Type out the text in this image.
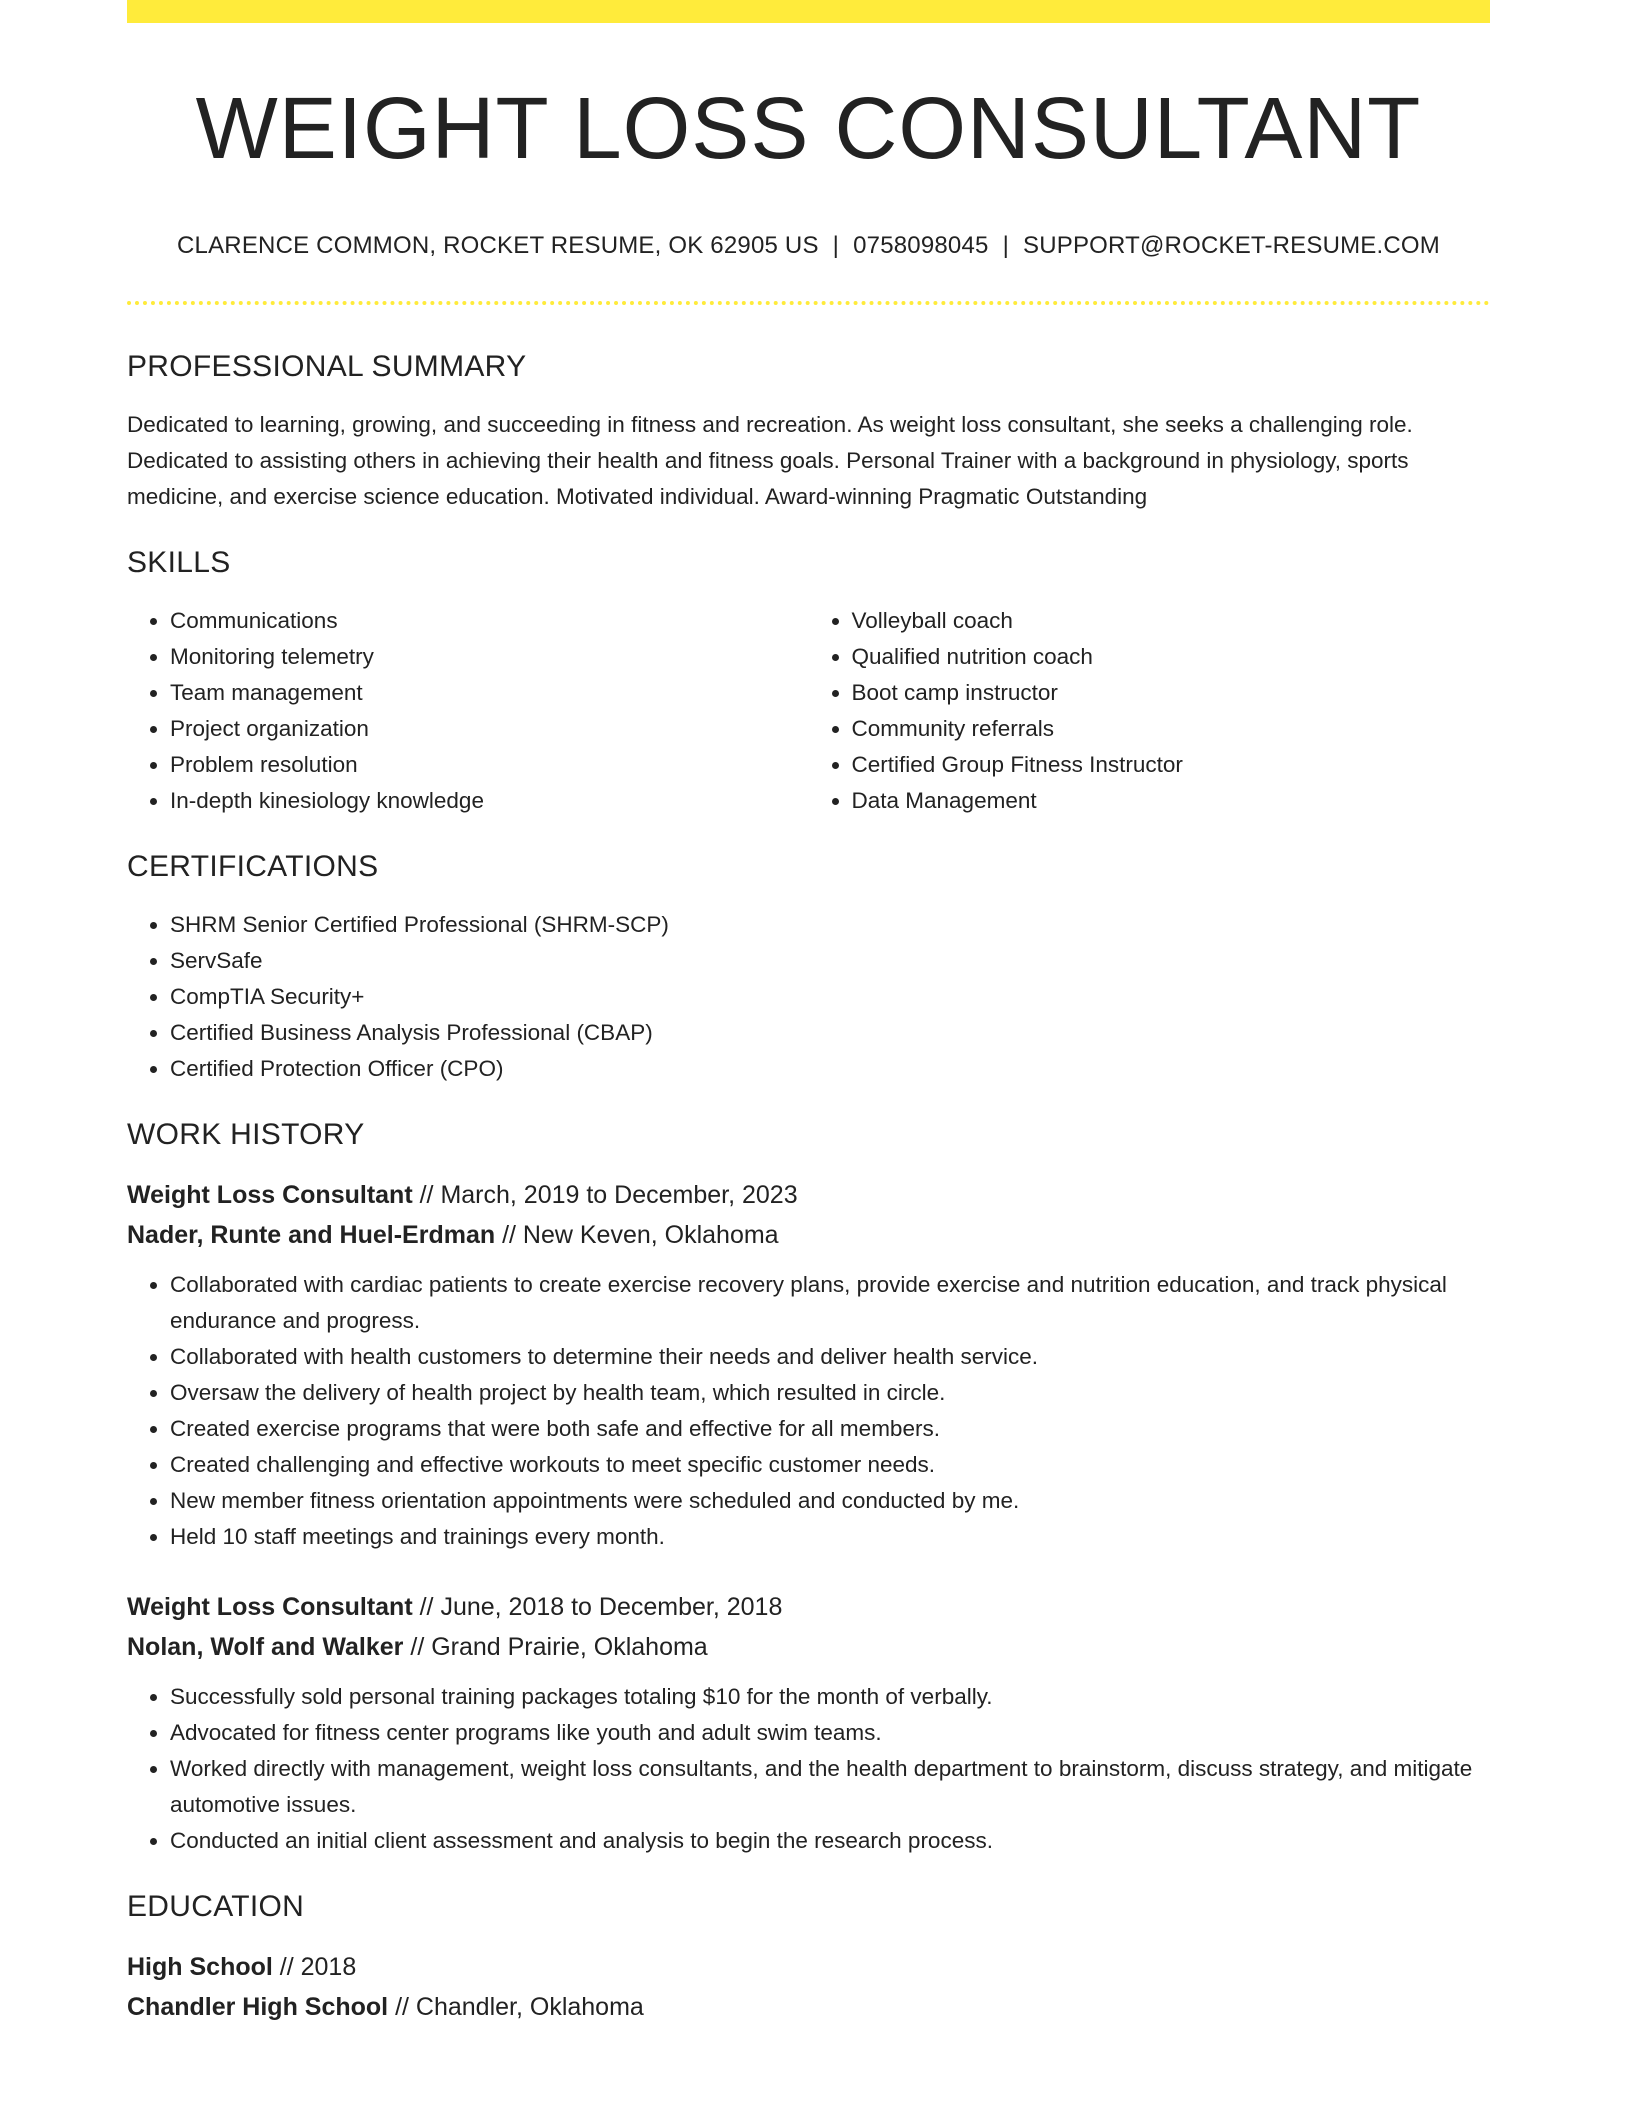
WEIGHT LOSS CONSULTANT
CLARENCE COMMON, ROCKET RESUME, OK 62905 US | 0758098045 | SUPPORT@ROCKET-RESUME.COM
PROFESSIONAL SUMMARY
Dedicated to learning, growing, and succeeding in fitness and recreation. As weight loss consultant, she seeks a challenging role. Dedicated to assisting others in achieving their health and fitness goals. Personal Trainer with a background in physiology, sports medicine, and exercise science education. Motivated individual. Award-winning Pragmatic Outstanding
SKILLS
• Communications
• Monitoring telemetry
• Team management
• Project organization
• Problem resolution
• In-depth kinesiology knowledge
• Volleyball coach
• Qualified nutrition coach
• Boot camp instructor
• Community referrals
• Certified Group Fitness Instructor
• Data Management
CERTIFICATIONS
• SHRM Senior Certified Professional (SHRM-SCP)
• ServSafe
• CompTIA Security+
• Certified Business Analysis Professional (CBAP)
• Certified Protection Officer (CPO)
WORK HISTORY
Weight Loss Consultant // March, 2019 to December, 2023
Nader, Runte and Huel-Erdman // New Keven, Oklahoma
• Collaborated with cardiac patients to create exercise recovery plans, provide exercise and nutrition education, and track physical endurance and progress.
• Collaborated with health customers to determine their needs and deliver health service.
• Oversaw the delivery of health project by health team, which resulted in circle.
• Created exercise programs that were both safe and effective for all members.
• Created challenging and effective workouts to meet specific customer needs.
• New member fitness orientation appointments were scheduled and conducted by me.
• Held 10 staff meetings and trainings every month.
Weight Loss Consultant // June, 2018 to December, 2018
Nolan, Wolf and Walker // Grand Prairie, Oklahoma
• Successfully sold personal training packages totaling $10 for the month of verbally.
• Advocated for fitness center programs like youth and adult swim teams.
• Worked directly with management, weight loss consultants, and the health department to brainstorm, discuss strategy, and mitigate automotive issues.
• Conducted an initial client assessment and analysis to begin the research process.
EDUCATION
High School // 2018
Chandler High School // Chandler, Oklahoma
